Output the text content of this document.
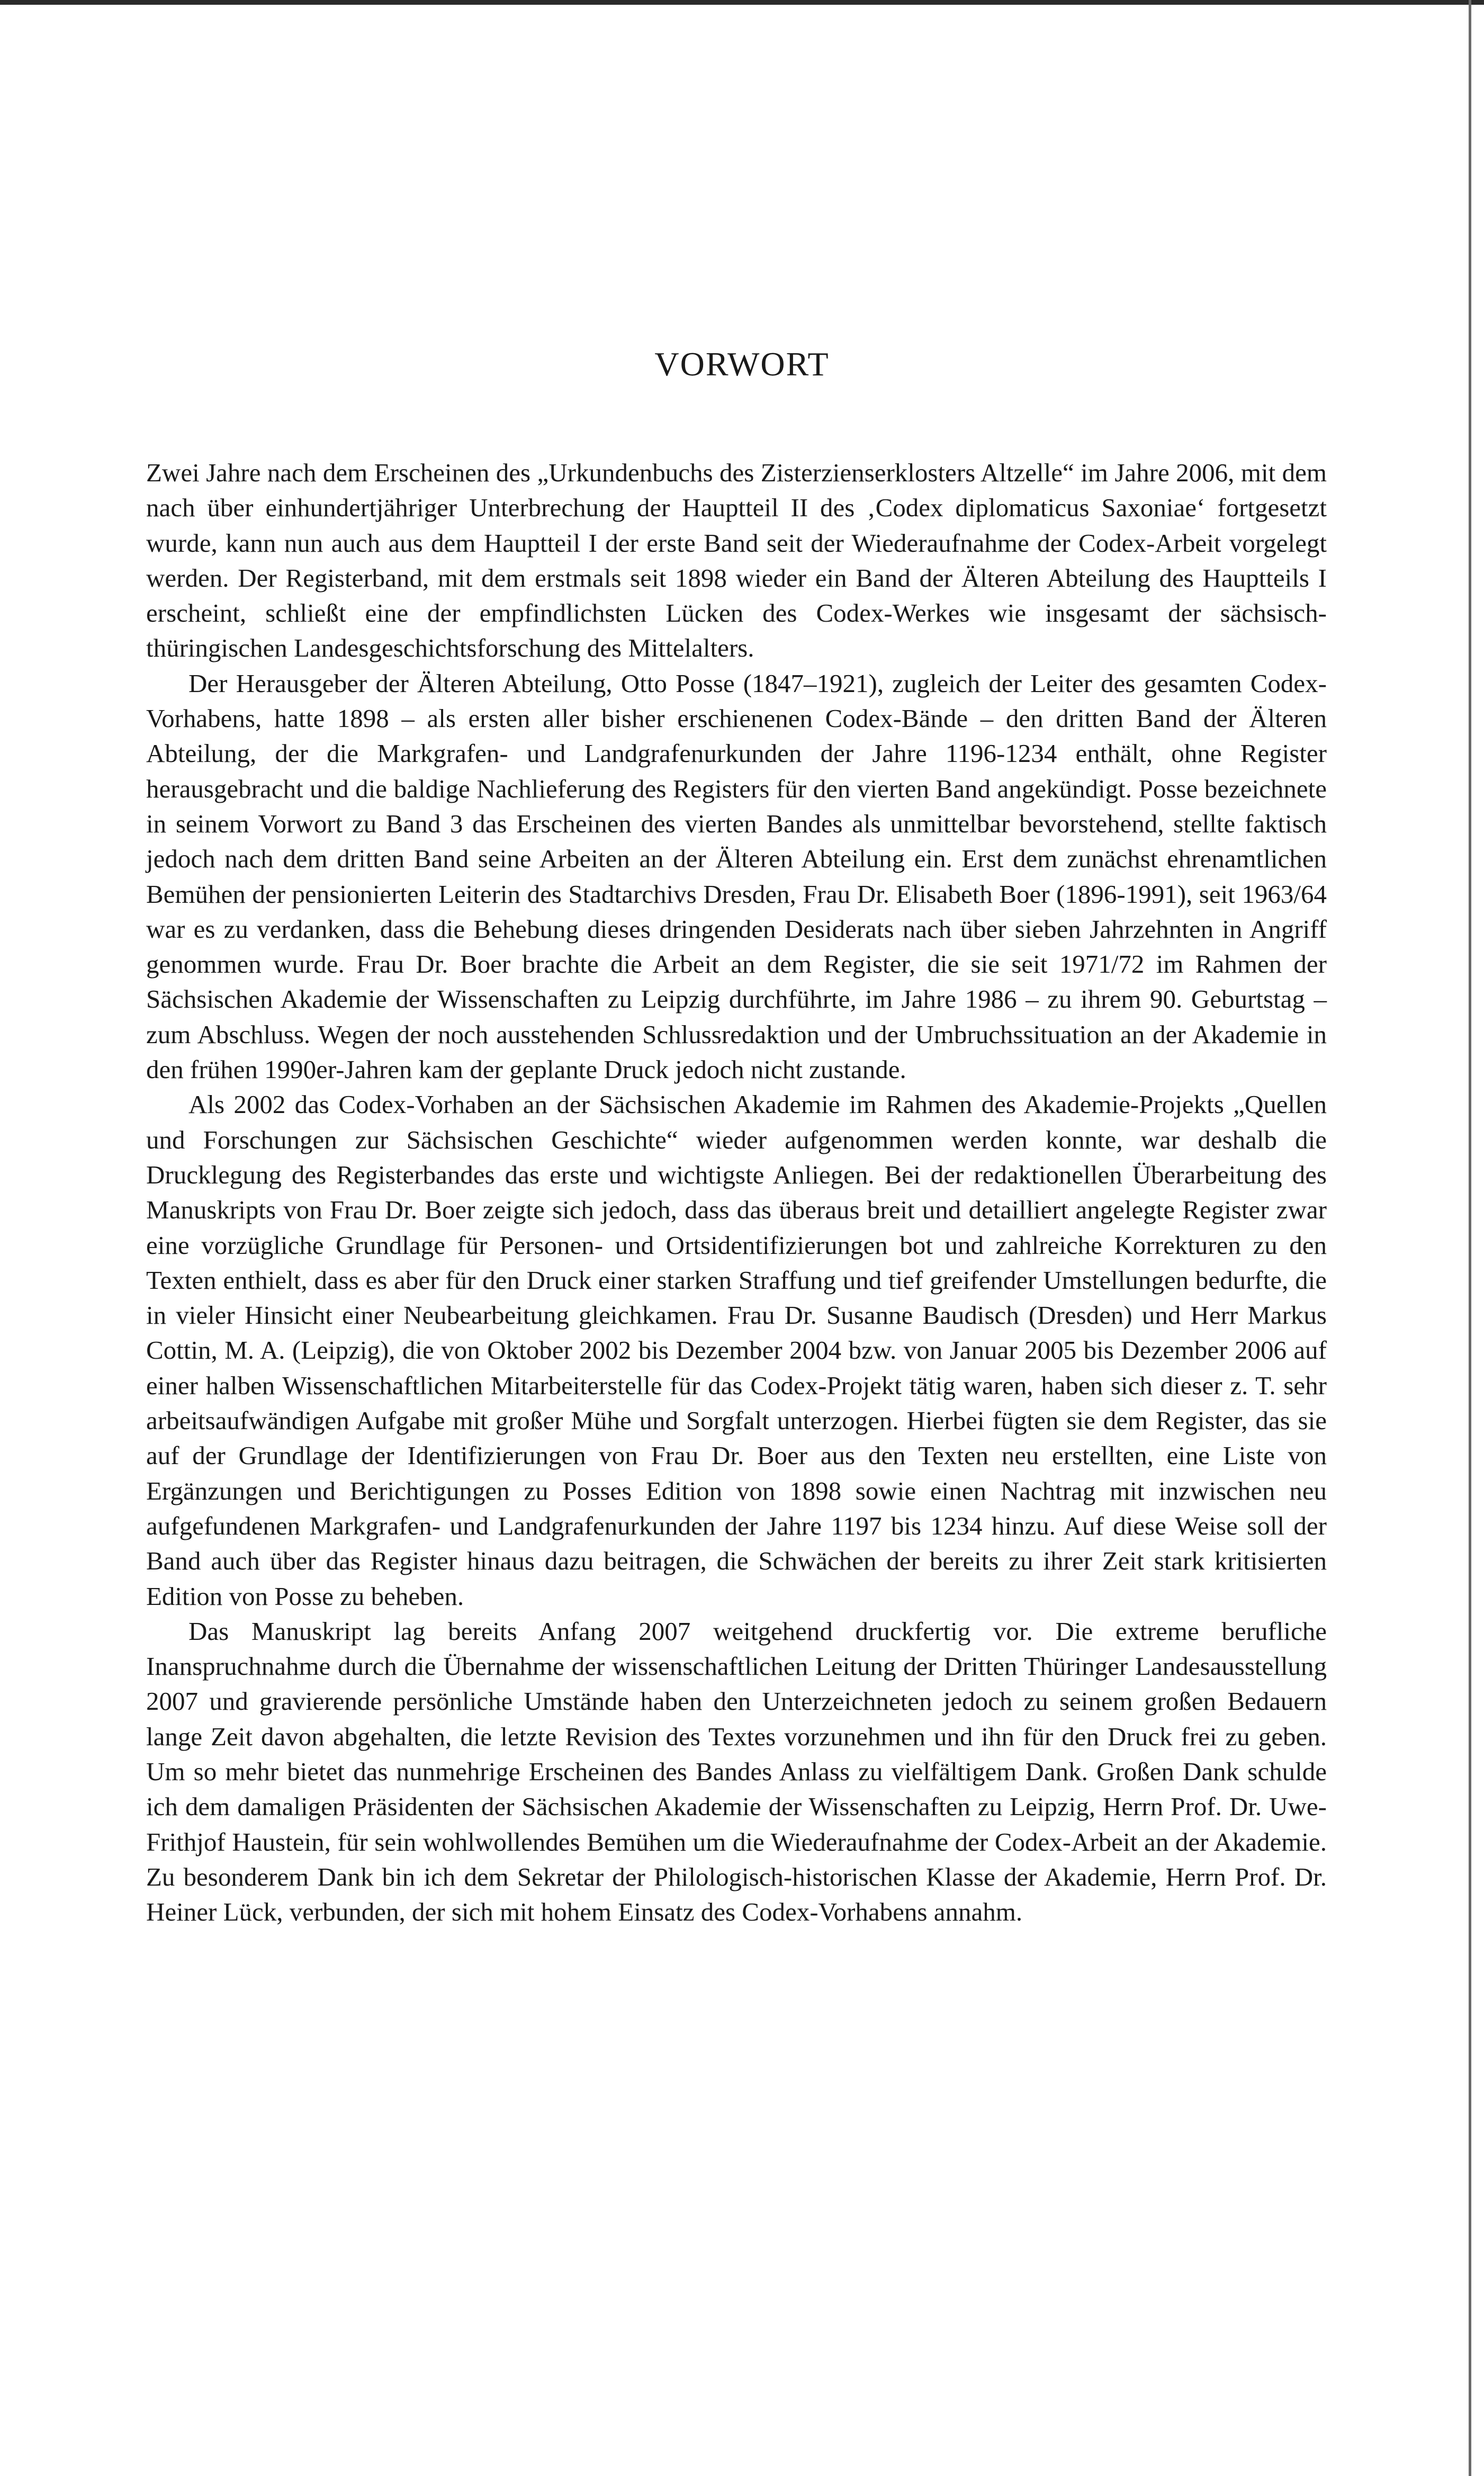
VORWORT

Zwei Jahre nach dem Erscheinen des „Urkundenbuchs des Zisterzienserklosters Altzelle“ im Jahre 2006, mit dem nach über einhundertjähriger Unterbrechung der Hauptteil II des ‚Codex diplomaticus Saxoniae‘ fortgesetzt wurde, kann nun auch aus dem Hauptteil I der erste Band seit der Wiederaufnahme der Codex-Arbeit vorgelegt werden. Der Registerband, mit dem erstmals seit 1898 wieder ein Band der Älteren Abteilung des Hauptteils I erscheint, schließt eine der empfindlichsten Lücken des Codex-Werkes wie insgesamt der sächsisch-thüringischen Landesgeschichtsforschung des Mittelalters.

Der Herausgeber der Älteren Abteilung, Otto Posse (1847–1921), zugleich der Leiter des gesamten Codex-Vorhabens, hatte 1898 – als ersten aller bisher erschienenen Codex-Bände – den dritten Band der Älteren Abteilung, der die Markgrafen- und Landgrafenurkunden der Jahre 1196-1234 enthält, ohne Register herausgebracht und die baldige Nachlieferung des Registers für den vierten Band angekündigt. Posse bezeichnete in seinem Vorwort zu Band 3 das Erscheinen des vierten Bandes als unmittelbar bevorstehend, stellte faktisch jedoch nach dem dritten Band seine Arbeiten an der Älteren Abteilung ein. Erst dem zunächst ehrenamtlichen Bemühen der pensionierten Leiterin des Stadtarchivs Dresden, Frau Dr. Elisabeth Boer (1896-1991), seit 1963/64 war es zu verdanken, dass die Behebung dieses dringenden Desiderats nach über sieben Jahrzehnten in Angriff genommen wurde. Frau Dr. Boer brachte die Arbeit an dem Register, die sie seit 1971/72 im Rahmen der Sächsischen Akademie der Wissenschaften zu Leipzig durchführte, im Jahre 1986 – zu ihrem 90. Geburtstag – zum Abschluss. Wegen der noch ausstehenden Schlussredaktion und der Umbruchssituation an der Akademie in den frühen 1990er-Jahren kam der geplante Druck jedoch nicht zustande.

Als 2002 das Codex-Vorhaben an der Sächsischen Akademie im Rahmen des Akademie-Projekts „Quellen und Forschungen zur Sächsischen Geschichte“ wieder aufgenommen werden konnte, war deshalb die Drucklegung des Registerbandes das erste und wichtigste Anliegen. Bei der redaktionellen Überarbeitung des Manuskripts von Frau Dr. Boer zeigte sich jedoch, dass das überaus breit und detailliert angelegte Register zwar eine vorzügliche Grundlage für Personen- und Ortsidentifizierungen bot und zahlreiche Korrekturen zu den Texten enthielt, dass es aber für den Druck einer starken Straffung und tief greifender Umstellungen bedurfte, die in vieler Hinsicht einer Neubearbeitung gleichkamen. Frau Dr. Susanne Baudisch (Dresden) und Herr Markus Cottin, M. A. (Leipzig), die von Oktober 2002 bis Dezember 2004 bzw. von Januar 2005 bis Dezember 2006 auf einer halben Wissenschaftlichen Mitarbeiterstelle für das Codex-Projekt tätig waren, haben sich dieser z. T. sehr arbeitsaufwändigen Aufgabe mit großer Mühe und Sorgfalt unterzogen. Hierbei fügten sie dem Register, das sie auf der Grundlage der Identifizierungen von Frau Dr. Boer aus den Texten neu erstellten, eine Liste von Ergänzungen und Berichtigungen zu Posses Edition von 1898 sowie einen Nachtrag mit inzwischen neu aufgefundenen Markgrafen- und Landgrafenurkunden der Jahre 1197 bis 1234 hinzu. Auf diese Weise soll der Band auch über das Register hinaus dazu beitragen, die Schwächen der bereits zu ihrer Zeit stark kritisierten Edition von Posse zu beheben.

Das Manuskript lag bereits Anfang 2007 weitgehend druckfertig vor. Die extreme berufliche Inanspruchnahme durch die Übernahme der wissenschaftlichen Leitung der Dritten Thüringer Landesausstellung 2007 und gravierende persönliche Umstände haben den Unterzeichneten jedoch zu seinem großen Bedauern lange Zeit davon abgehalten, die letzte Revision des Textes vorzunehmen und ihn für den Druck frei zu geben. Um so mehr bietet das nunmehrige Erscheinen des Bandes Anlass zu vielfältigem Dank. Großen Dank schulde ich dem damaligen Präsidenten der Sächsischen Akademie der Wissenschaften zu Leipzig, Herrn Prof. Dr. Uwe-Frithjof Haustein, für sein wohlwollendes Bemühen um die Wiederaufnahme der Codex-Arbeit an der Akademie. Zu besonderem Dank bin ich dem Sekretar der Philologisch-historischen Klasse der Akademie, Herrn Prof. Dr. Heiner Lück, verbunden, der sich mit hohem Einsatz des Codex-Vorhabens annahm.
